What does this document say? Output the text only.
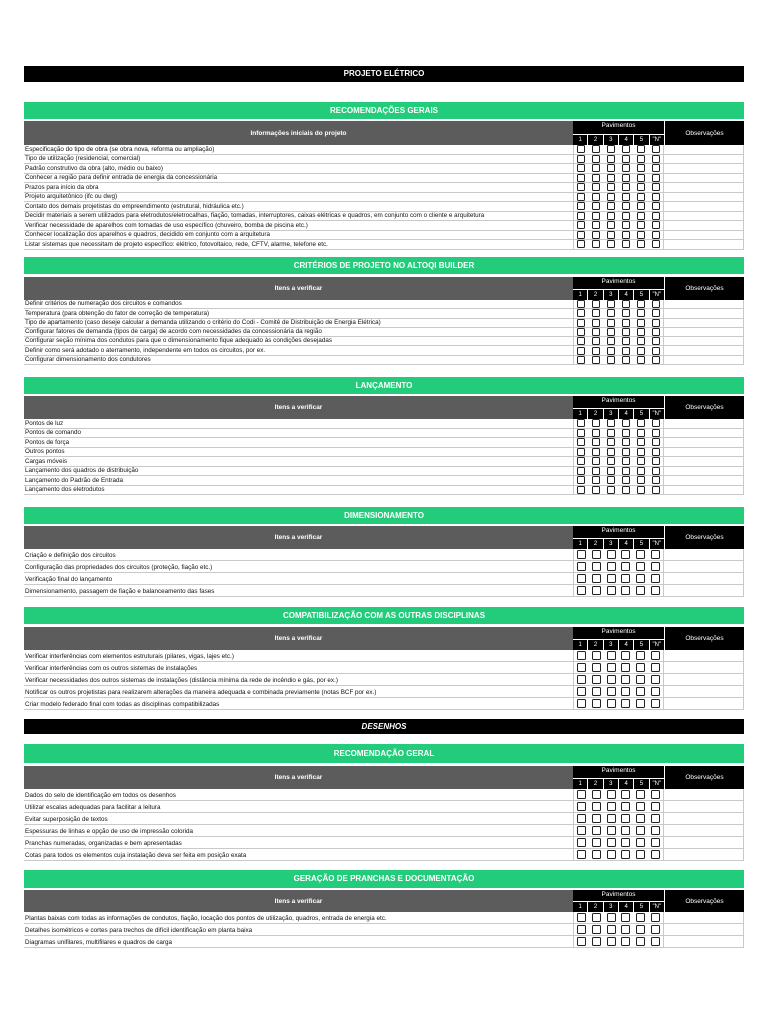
PROJETO ELÉTRICO
DESENHOS
RECOMENDAÇÕES GERAIS
Informações iniciais do projeto
Pavimentos
1	2	3	4	5	"N"
Observações
Especificação do tipo de obra (se obra nova, reforma ou ampliação)
Tipo de utilização (residencial, comercial)
Padrão construtivo da obra (alto, médio ou baixo)
Conhecer a região para definir entrada de energia da concessionária
Prazos para início da obra
Projeto arquitetônico (ifc ou dwg)
Contato dos demais projetistas do empreendimento (estrutural, hidráulica etc.)
Decidir materiais a serem utilizados para eletrodutos/eletrocalhas, fiação, tomadas, interruptores, caixas elétricas e quadros, em conjunto com o cliente e arquitetura
Verificar necessidade de aparelhos com tomadas de uso específico (chuveiro, bomba de piscina etc.)
Conhecer localização dos aparelhos e quadros, decidido em conjunto com a arquitetura
Listar sistemas que necessitam de projeto específico: elétrico, fotovoltaico, rede, CFTV, alarme, telefone etc.
CRITÉRIOS DE PROJETO NO ALTOQI BUILDER
Itens a verificar
Pavimentos
1	2	3	4	5	"N"
Observações
Definir critérios de numeração dos circuitos e comandos
Temperatura (para obtenção do fator de correção de temperatura)
Tipo de apartamento (caso deseje calcular a demanda utilizando o critério do Codi - Comitê de Distribuição de Energia Elétrica)
Configurar fatores de demanda (tipos de carga) de acordo com necessidades da concessionária da região
Configurar seção mínima dos condutos para que o dimensionamento fique adequado às condições desejadas
Definir como será adotado o aterramento, independente em todos os circuitos, por ex.
Configurar dimensionamento dos condutores
LANÇAMENTO
Itens a verificar
Pavimentos
1	2	3	4	5	"N"
Observações
Pontos de luz
Pontos de comando
Pontos de força
Outros pontos
Cargas móveis
Lançamento dos quadros de distribuição
Lançamento do Padrão de Entrada
Lançamento dos eletrodutos
DIMENSIONAMENTO
Itens a verificar
Pavimentos
1	2	3	4	5	"N"
Observações
Criação e definição dos circuitos
Configuração das propriedades dos circuitos (proteção, fiação etc.)
Verificação final do lançamento
Dimensionamento, passagem de fiação e balanceamento das fases
COMPATIBILIZAÇÃO COM AS OUTRAS DISCIPLINAS
Itens a verificar
Pavimentos
1	2	3	4	5	"N"
Observações
Verificar interferências com elementos estruturais (pilares, vigas, lajes etc.)
Verificar interferências com os outros sistemas de instalações
Verificar necessidades dos outros sistemas de instalações (distância mínima da rede de incêndio e gás, por ex.)
Notificar os outros projetistas para realizarem alterações da maneira adequada e combinada previamente (notas BCF por ex.)
Criar modelo federado final com todas as disciplinas compatibilizadas
RECOMENDAÇÃO GERAL
Itens a verificar
Pavimentos
1	2	3	4	5	"N"
Observações
Dados do selo de identificação em todos os desenhos
Utilizar escalas adequadas para facilitar a leitura
Evitar superposição de textos
Espessuras de linhas e opção de uso de impressão colorida
Pranchas numeradas, organizadas e bem apresentadas
Cotas para todos os elementos cuja instalação deva ser feita em posição exata
GERAÇÃO DE PRANCHAS E DOCUMENTAÇÃO
Itens a verificar
Pavimentos
1	2	3	4	5	"N"
Observações
Plantas baixas com todas as informações de condutos, fiação, locação dos pontos de utilização, quadros, entrada de energia etc.
Detalhes isométricos e cortes para trechos de difícil identificação em planta baixa
Diagramas unifilares, multifilares e quadros de carga
